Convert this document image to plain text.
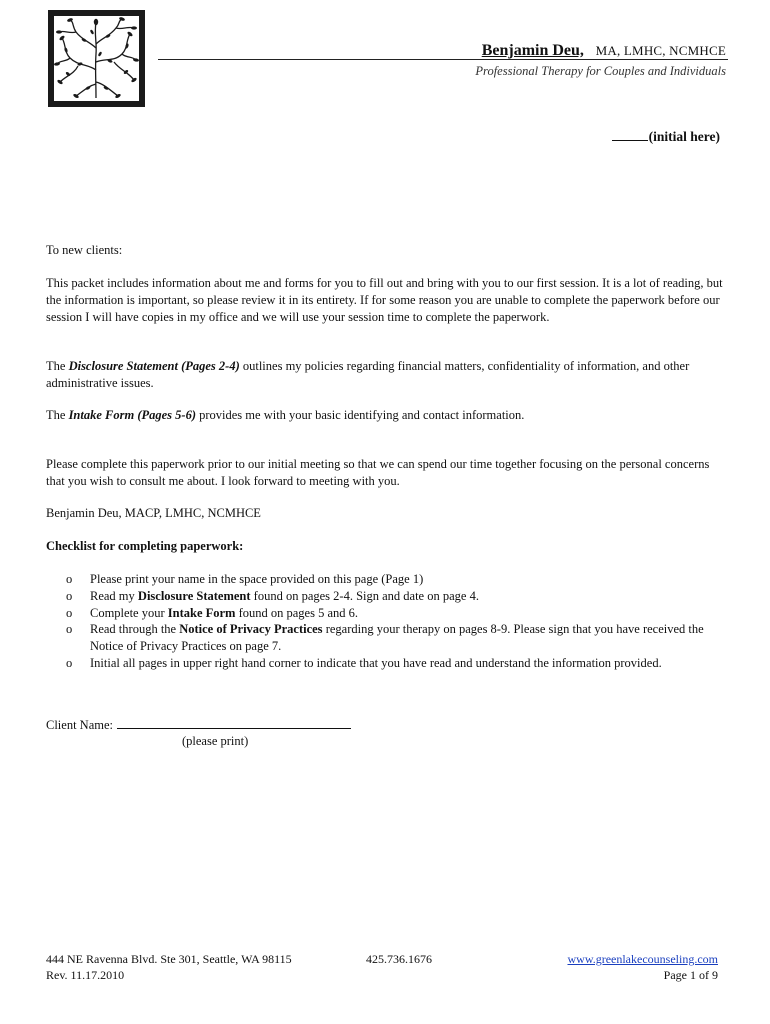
Benjamin Deu, MA, LMHC, NCMHCE
Professional Therapy for Couples and Individuals
(initial here)
To new clients:
This packet includes information about me and forms for you to fill out and bring with you to our first session. It is a lot of reading, but the information is important, so please review it in its entirety. If for some reason you are unable to complete the paperwork before our session I will have copies in my office and we will use your session time to complete the paperwork.
The Disclosure Statement (Pages 2-4) outlines my policies regarding financial matters, confidentiality of information, and other administrative issues.
The Intake Form (Pages 5-6) provides me with your basic identifying and contact information.
Please complete this paperwork prior to our initial meeting so that we can spend our time together focusing on the personal concerns that you wish to consult me about. I look forward to meeting with you.
Benjamin Deu, MACP, LMHC, NCMHCE
Checklist for completing paperwork:
o Please print your name in the space provided on this page (Page 1)
o Read my Disclosure Statement found on pages 2-4. Sign and date on page 4.
o Complete your Intake Form found on pages 5 and 6.
o Read through the Notice of Privacy Practices regarding your therapy on pages 8-9. Please sign that you have received the Notice of Privacy Practices on page 7.
o Initial all pages in upper right hand corner to indicate that you have read and understand the information provided.
Client Name:
(please print)
444 NE Ravenna Blvd. Ste 301, Seattle, WA 98115
Rev. 11.17.2010
425.736.1676	www.greenlakecounseling.com
Page 1 of 9
